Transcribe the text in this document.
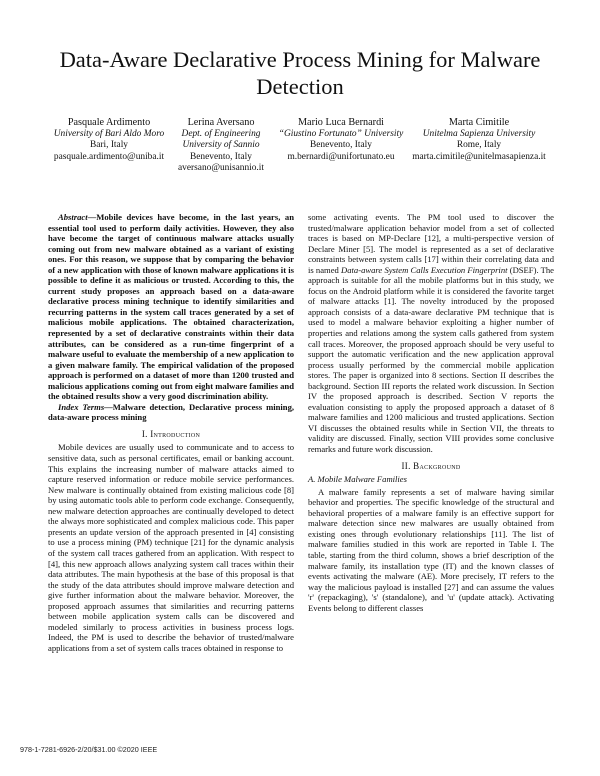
Data-Aware Declarative Process Mining for Malware Detection
Pasquale Ardimento
University of Bari Aldo Moro
Bari, Italy
pasquale.ardimento@uniba.it
Lerina Aversano
Dept. of Engineering
University of Sannio
Benevento, Italy
aversano@unisannio.it
Mario Luca Bernardi
“Giustino Fortunato” University
Benevento, Italy
m.bernardi@unifortunato.eu
Marta Cimitile
Unitelma Sapienza University
Rome, Italy
marta.cimitile@unitelmasapienza.it

Abstract—Mobile devices have become, in the last years, an essential tool used to perform daily activities. However, they also have become the target of continuous malware attacks usually coming out from new malware obtained as a variant of existing ones. For this reason, we suppose that by comparing the behavior of a new application with those of known malware applications it is possible to define it as malicious or trusted. According to this, the current study proposes an approach based on a data-aware declarative process mining technique to identify similarities and recurring patterns in the system call traces generated by a set of malicious mobile applications. The obtained characterization, represented by a set of declarative constraints within their data attributes, can be considered as a run-time fingerprint of a malware useful to evaluate the membership of a new application to a given malware family. The empirical validation of the proposed approach is performed on a dataset of more than 1200 trusted and malicious applications coming out from eight malware families and the obtained results show a very good discrimination ability.

Index Terms—Malware detection, Declarative process mining, data-aware process mining

I. Introduction

Mobile devices are usually used to communicate and to access to sensitive data, such as personal certificates, email or banking account. This explains the increasing number of malware attacks aimed to capture reserved information or reduce mobile service performances. New malware is continually obtained from existing malicious code [8] by using automatic tools able to perform code exchange. Consequently, new malware detection approaches are continually developed to detect the always more sophisticated and complex malicious code. This paper presents an update version of the approach presented in [4] consisting to use a process mining (PM) technique [21] for the dynamic analysis of the system call traces gathered from an application. With respect to [4], this new approach allows analyzing system call traces within their data attributes. The main hypothesis at the base of this proposal is that the study of the data attributes should improve malware detection and give further information about the malware behavior. Moreover, the proposed approach assumes that similarities and recurring patterns between mobile application system calls can be discovered and modeled similarly to process activities in business process logs. Indeed, the PM is used to describe the behavior of trusted/malware applications from a set of system calls traces obtained in response to

some activating events. The PM tool used to discover the trusted/malware application behavior model from a set of collected traces is based on MP-Declare [12], a multi-perspective version of Declare Miner [5]. The model is represented as a set of declarative constraints between system calls [17] within their correlating data and is named Data-aware System Calls Execution Fingerprint (DSEF). The approach is suitable for all the mobile platforms but in this study, we focus on the Android platform while it is considered the favorite target of malware attacks [1]. The novelty introduced by the proposed approach consists of a data-aware declarative PM technique that is used to model a malware behavior exploiting a higher number of properties and relations among the system calls gathered from system call traces. Moreover, the proposed approach should be very useful to support the automatic verification and the new application approval process usually performed by the commercial mobile application stores. The paper is organized into 8 sections. Section II describes the background. Section III reports the related work discussion. In Section IV the proposed approach is described. Section V reports the evaluation consisting to apply the proposed approach a dataset of 8 malware families and 1200 malicious and trusted applications. Section VI discusses the obtained results while in Section VII, the threats to validity are discussed. Finally, section VIII provides some conclusive remarks and future work discussion.

II. Background
A. Mobile Malware Families

A malware family represents a set of malware having similar behavior and properties. The specific knowledge of the structural and behavioral properties of a malware family is an effective support for malware detection since new malwares are usually obtained from existing ones through evolutionary relationships [11]. The list of malware families studied in this work are reported in Table I. The table, starting from the third column, shows a brief description of the malware family, its installation type (IT) and the known classes of events activating the malware (AE). More precisely, IT refers to the way the malicious payload is installed [27] and can assume the values 'r' (repackaging), 's' (standalone), and 'u' (update attack). Activating Events belong to different classes

978-1-7281-6926-2/20/$31.00 ©2020 IEEE
